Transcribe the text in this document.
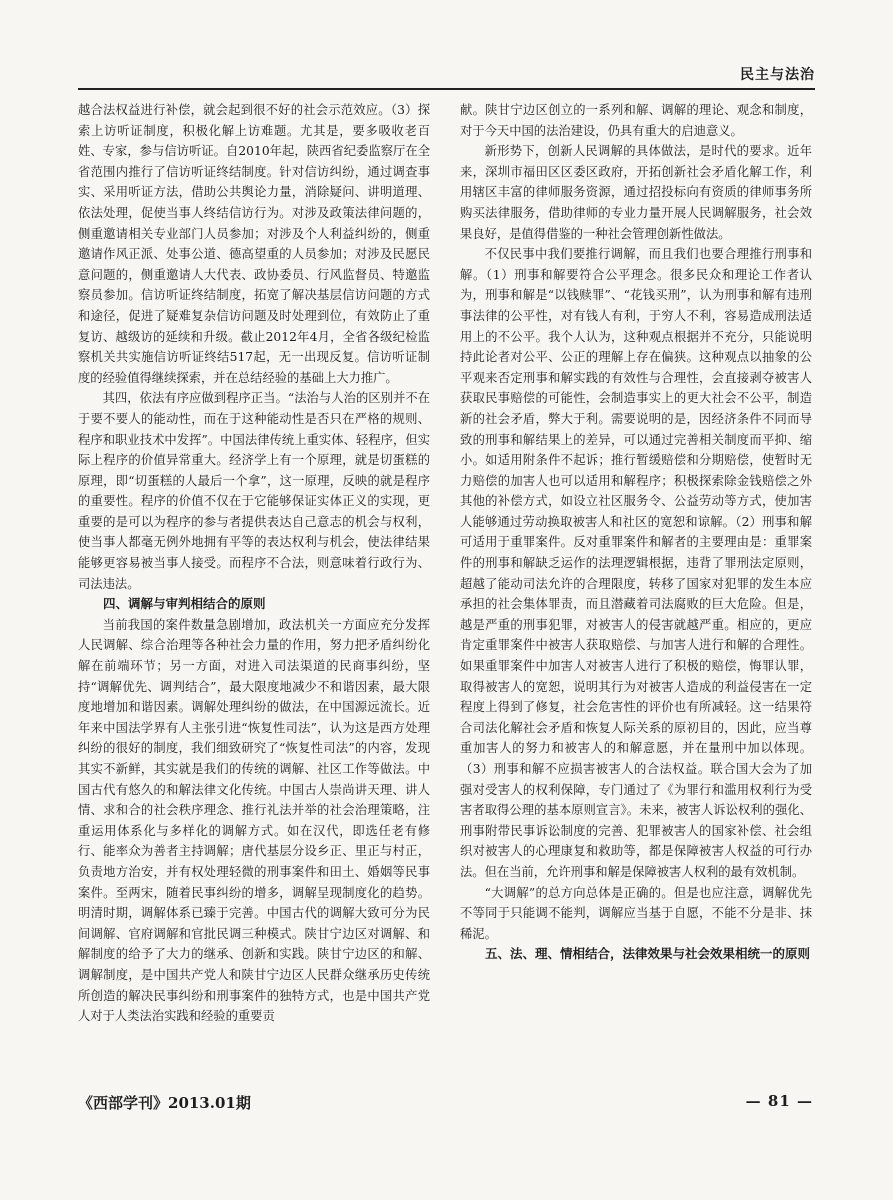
民主与法治

越合法权益进行补偿，就会起到很不好的社会示范效应。（3）探索上访听证制度，积极化解上访难题。尤其是，要多吸收老百姓、专家，参与信访听证。自2010年起，陕西省纪委监察厅在全省范围内推行了信访听证终结制度。针对信访纠纷，通过调查事实、采用听证方法，借助公共舆论力量，消除疑问、讲明道理、依法处理，促使当事人终结信访行为。对涉及政策法律问题的，侧重邀请相关专业部门人员参加；对涉及个人利益纠纷的，侧重邀请作风正派、处事公道、德高望重的人员参加；对涉及民愿民意问题的，侧重邀请人大代表、政协委员、行风监督员、特邀监察员参加。信访听证终结制度，拓宽了解决基层信访问题的方式和途径，促进了疑难复杂信访问题及时处理到位，有效防止了重复访、越级访的延续和升级。截止2012年4月，全省各级纪检监察机关共实施信访听证终结517起，无一出现反复。信访听证制度的经验值得继续探索，并在总结经验的基础上大力推广。

其四，依法有序应做到程序正当。“法治与人治的区别并不在于要不要人的能动性，而在于这种能动性是否只在严格的规则、程序和职业技术中发挥”。中国法律传统上重实体、轻程序，但实际上程序的价值异常重大。经济学上有一个原理，就是切蛋糕的原理，即“切蛋糕的人最后一个拿”，这一原理，反映的就是程序的重要性。程序的价值不仅在于它能够保证实体正义的实现，更重要的是可以为程序的参与者提供表达自己意志的机会与权利，使当事人都毫无例外地拥有平等的表达权利与机会，使法律结果能够更容易被当事人接受。而程序不合法，则意味着行政行为、司法违法。

四、调解与审判相结合的原则

当前我国的案件数量急剧增加，政法机关一方面应充分发挥人民调解、综合治理等各种社会力量的作用，努力把矛盾纠纷化解在前端环节；另一方面，对进入司法渠道的民商事纠纷，坚持“调解优先、调判结合”，最大限度地减少不和谐因素，最大限度地增加和谐因素。调解处理纠纷的做法，在中国源远流长。近年来中国法学界有人主张引进“恢复性司法”，认为这是西方处理纠纷的很好的制度，我们细致研究了“恢复性司法”的内容，发现其实不新鲜，其实就是我们的传统的调解、社区工作等做法。中国古代有悠久的和解法律文化传统。中国古人崇尚讲天理、讲人情、求和合的社会秩序理念、推行礼法并举的社会治理策略，注重运用体系化与多样化的调解方式。如在汉代，即选任老有修行、能率众为善者主持调解；唐代基层分设乡正、里正与村正，负责地方治安，并有权处理轻微的刑事案件和田土、婚姻等民事案件。至两宋，随着民事纠纷的增多，调解呈现制度化的趋势。明清时期，调解体系已臻于完善。中国古代的调解大致可分为民间调解、官府调解和官批民调三种模式。陕甘宁边区对调解、和解制度的给予了大力的继承、创新和实践。陕甘宁边区的和解、调解制度，是中国共产党人和陕甘宁边区人民群众继承历史传统所创造的解决民事纠纷和刑事案件的独特方式，也是中国共产党人对于人类法治实践和经验的重要贡

献。陕甘宁边区创立的一系列和解、调解的理论、观念和制度，对于今天中国的法治建设，仍具有重大的启迪意义。

新形势下，创新人民调解的具体做法，是时代的要求。近年来，深圳市福田区区委区政府，开拓创新社会矛盾化解工作，利用辖区丰富的律师服务资源，通过招投标向有资质的律师事务所购买法律服务，借助律师的专业力量开展人民调解服务，社会效果良好，是值得借鉴的一种社会管理创新性做法。

不仅民事中我们要推行调解，而且我们也要合理推行刑事和解。（1）刑事和解要符合公平理念。很多民众和理论工作者认为，刑事和解是“以钱赎罪”、“花钱买刑”，认为刑事和解有违刑事法律的公平性，对有钱人有利，于穷人不利，容易造成刑法适用上的不公平。我个人认为，这种观点根据并不充分，只能说明持此论者对公平、公正的理解上存在偏狭。这种观点以抽象的公平观来否定刑事和解实践的有效性与合理性，会直接剥夺被害人获取民事赔偿的可能性，会制造事实上的更大社会不公平，制造新的社会矛盾，弊大于利。需要说明的是，因经济条件不同而导致的刑事和解结果上的差异，可以通过完善相关制度而平抑、缩小。如适用附条件不起诉；推行暂缓赔偿和分期赔偿，使暂时无力赔偿的加害人也可以适用和解程序；积极探索除金钱赔偿之外其他的补偿方式，如设立社区服务令、公益劳动等方式，使加害人能够通过劳动换取被害人和社区的宽恕和谅解。（2）刑事和解可适用于重罪案件。反对重罪案件和解者的主要理由是：重罪案件的刑事和解缺乏运作的法理逻辑根据，违背了罪刑法定原则，超越了能动司法允许的合理限度，转移了国家对犯罪的发生本应承担的社会集体罪责，而且潜藏着司法腐败的巨大危险。但是，越是严重的刑事犯罪，对被害人的侵害就越严重。相应的，更应肯定重罪案件中被害人获取赔偿、与加害人进行和解的合理性。如果重罪案件中加害人对被害人进行了积极的赔偿，悔罪认罪，取得被害人的宽恕，说明其行为对被害人造成的利益侵害在一定程度上得到了修复，社会危害性的评价也有所减轻。这一结果符合司法化解社会矛盾和恢复人际关系的原初目的，因此，应当尊重加害人的努力和被害人的和解意愿，并在量刑中加以体现。（3）刑事和解不应损害被害人的合法权益。联合国大会为了加强对受害人的权利保障，专门通过了《为罪行和滥用权利行为受害者取得公理的基本原则宣言》。未来，被害人诉讼权利的强化、刑事附带民事诉讼制度的完善、犯罪被害人的国家补偿、社会组织对被害人的心理康复和救助等，都是保障被害人权益的可行办法。但在当前，允许刑事和解是保障被害人权利的最有效机制。

“大调解”的总方向总体是正确的。但是也应注意，调解优先不等同于只能调不能判，调解应当基于自愿，不能不分是非、抹稀泥。

五、法、理、情相结合，法律效果与社会效果相统一的原则
《西部学刊》2013.01期	— 81 —
